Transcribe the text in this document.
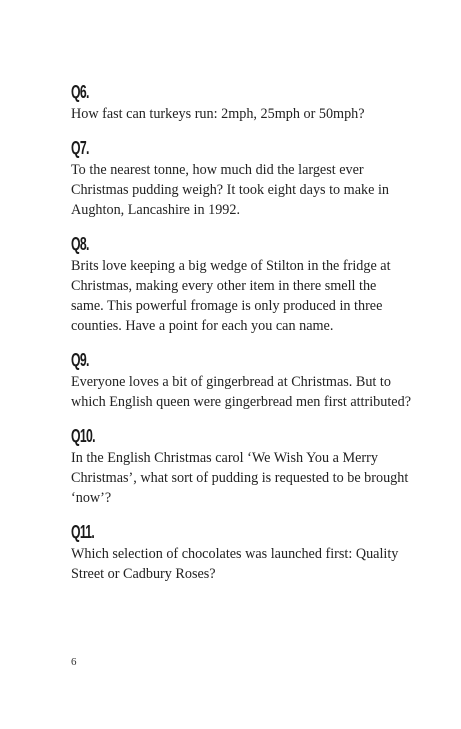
Q6.

How fast can turkeys run: 2mph, 25mph or 50mph?

Q7.

To the nearest tonne, how much did the largest ever Christmas pudding weigh? It took eight days to make in Aughton, Lancashire in 1992.

Q8.

Brits love keeping a big wedge of Stilton in the fridge at Christmas, making every other item in there smell the same. This powerful fromage is only produced in three counties. Have a point for each you can name.

Q9.

Everyone loves a bit of gingerbread at Christmas. But to which English queen were gingerbread men first attributed?

Q10.

In the English Christmas carol ‘We Wish You a Merry Christmas’, what sort of pudding is requested to be brought ‘now’?

Q11.

Which selection of chocolates was launched first: Quality Street or Cadbury Roses?

6
